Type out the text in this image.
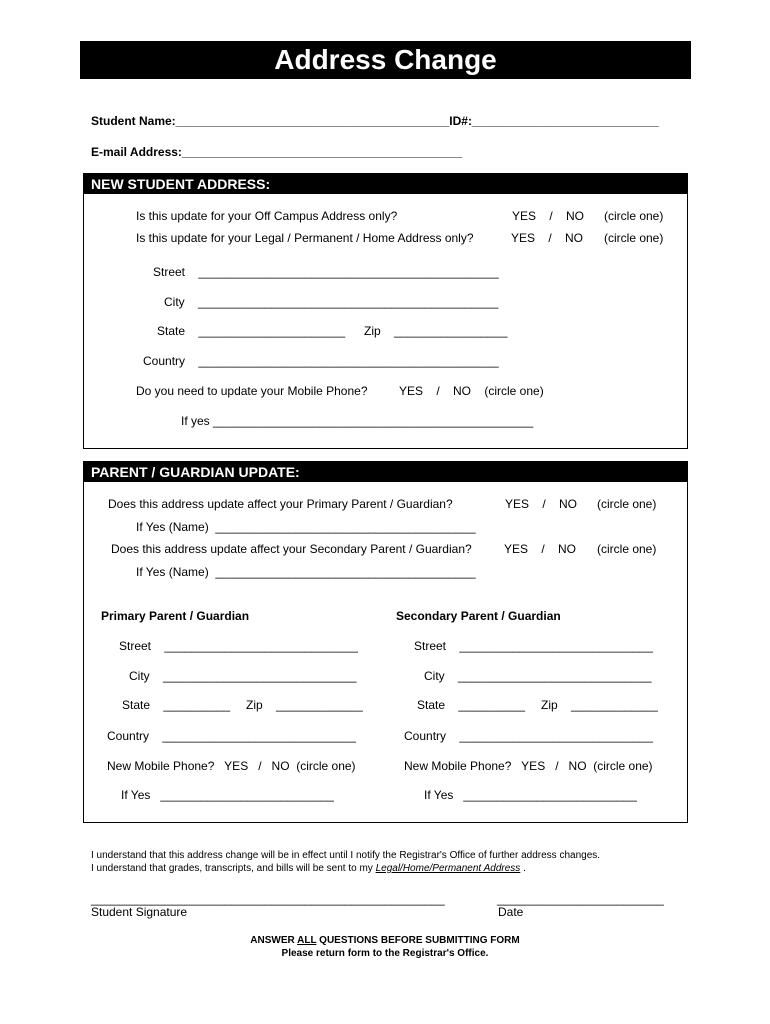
Address Change
Student Name:_________________________________________ID#:____________________________
E-mail Address:__________________________________________
NEW STUDENT ADDRESS:
Is this update for your Off Campus Address only?	YES    /    NO (circle one)
Is this update for your Legal / Permanent / Home Address only?	YES    /    NO (circle one)
Street    _____________________________________________
City    _____________________________________________
State    ______________________ Zip    _________________
Country    _____________________________________________
Do you need to update your Mobile Phone?	YES    /    NO    (circle one)
If yes ________________________________________________
PARENT / GUARDIAN UPDATE:
Does this address update affect your Primary Parent / Guardian?	YES    /    NO (circle one)
If Yes (Name)  _______________________________________
Does this address update affect your Secondary Parent / Guardian?	YES    /    NO (circle one)
If Yes (Name)  _______________________________________
Primary Parent / Guardian
Street    _____________________________
City    _____________________________
State    __________ Zip    _____________
Country    _____________________________
New Mobile Phone?   YES   /   NO  (circle one)
If Yes   __________________________
Secondary Parent / Guardian
Street    _____________________________
City    _____________________________
State    __________ Zip    _____________
Country    _____________________________
New Mobile Phone?   YES   /   NO  (circle one)
If Yes   __________________________
I understand that this address change will be in effect until I notify the Registrar's Office of further address changes.
I understand that grades, transcripts, and bills will be sent to my Legal/Home/Permanent Address .
_____________________________________________________	_________________________
Student Signature	Date
ANSWER ALL QUESTIONS BEFORE SUBMITTING FORM
Please return form to the Registrar's Office.
